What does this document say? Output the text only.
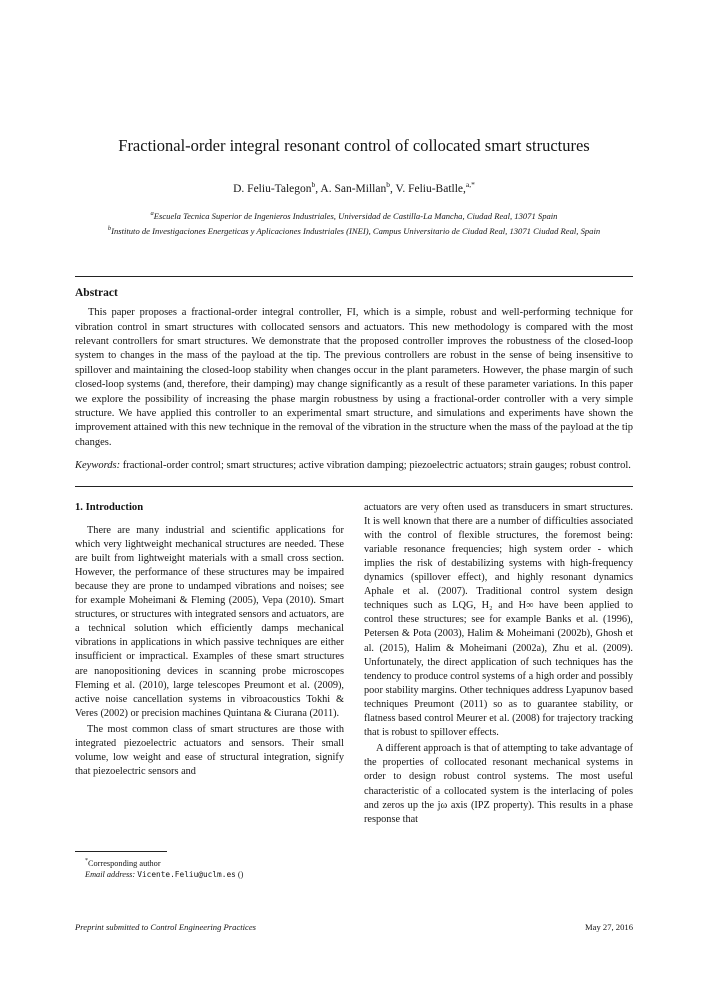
Fractional-order integral resonant control of collocated smart structures
D. Feliu-Talegon$^b$, A. San-Millan$^b$, V. Feliu-Batlle,$^{a,*}$
$^a$Escuela Tecnica Superior de Ingenieros Industriales, Universidad de Castilla-La Mancha, Ciudad Real, 13071 Spain
$^b$Instituto de Investigaciones Energeticas y Aplicaciones Industriales (INEI), Campus Universitario de Ciudad Real, 13071 Ciudad Real, Spain
Abstract

This paper proposes a fractional-order integral controller, FI, which is a simple, robust and well-performing technique for vibration control in smart structures with collocated sensors and actuators. This new methodology is compared with the most relevant controllers for smart structures. We demonstrate that the proposed controller improves the robustness of the closed-loop system to changes in the mass of the payload at the tip. The previous controllers are robust in the sense of being insensitive to spillover and maintaining the closed-loop stability when changes occur in the plant parameters. However, the phase margin of such closed-loop systems (and, therefore, their damping) may change significantly as a result of these parameter variations. In this paper we explore the possibility of increasing the phase margin robustness by using a fractional-order controller with a very simple structure. We have applied this controller to an experimental smart structure, and simulations and experiments have shown the improvement attained with this new technique in the removal of the vibration in the structure when the mass of the payload at the tip changes.

Keywords: fractional-order control; smart structures; active vibration damping; piezoelectric actuators; strain gauges; robust control.

1. Introduction

There are many industrial and scientific applications for which very lightweight mechanical structures are needed. These are built from lightweight materials with a small cross section. However, the performance of these structures may be impaired because they are prone to undamped vibrations and noises; see for example Moheimani & Fleming (2005), Vepa (2010). Smart structures, or structures with integrated sensors and actuators, are a technical solution which efficiently damps mechanical vibrations in applications in which passive techniques are either insufficient or impractical. Examples of these smart structures are nanopositioning devices in scanning probe microscopes Fleming et al. (2010), large telescopes Preumont et al. (2009), active noise cancellation systems in vibroacoustics Tokhi & Veres (2002) or precision machines Quintana & Ciurana (2011).

The most common class of smart structures are those with integrated piezoelectric actuators and sensors. Their small volume, low weight and ease of structural integration, signify that piezoelectric sensors and

*Corresponding author
Email address: Vicente.Feliu@uclm.es ()

actuators are very often used as transducers in smart structures. It is well known that there are a number of difficulties associated with the control of flexible structures, the foremost being: variable resonance frequencies; high system order - which implies the risk of destabilizing systems with high-frequency dynamics (spillover effect), and highly resonant dynamics Aphale et al. (2007). Traditional control system design techniques such as LQG, H₂ and H∞ have been applied to control these structures; see for example Banks et al. (1996), Petersen & Pota (2003), Halim & Moheimani (2002b), Ghosh et al. (2015), Halim & Moheimani (2002a), Zhu et al. (2009). Unfortunately, the direct application of such techniques has the tendency to produce control systems of a high order and possibly poor stability margins. Other techniques address Lyapunov based techniques Preumont (2011) so as to guarantee stability, or flatness based control Meurer et al. (2008) for trajectory tracking that is robust to spillover effects.

A different approach is that of attempting to take advantage of the properties of collocated resonant mechanical systems in order to design robust control systems. The most useful characteristic of a collocated system is the interlacing of poles and zeros up the jω axis (IPZ property). This results in a phase response that

Preprint submitted to Control Engineering Practices	May 27, 2016
